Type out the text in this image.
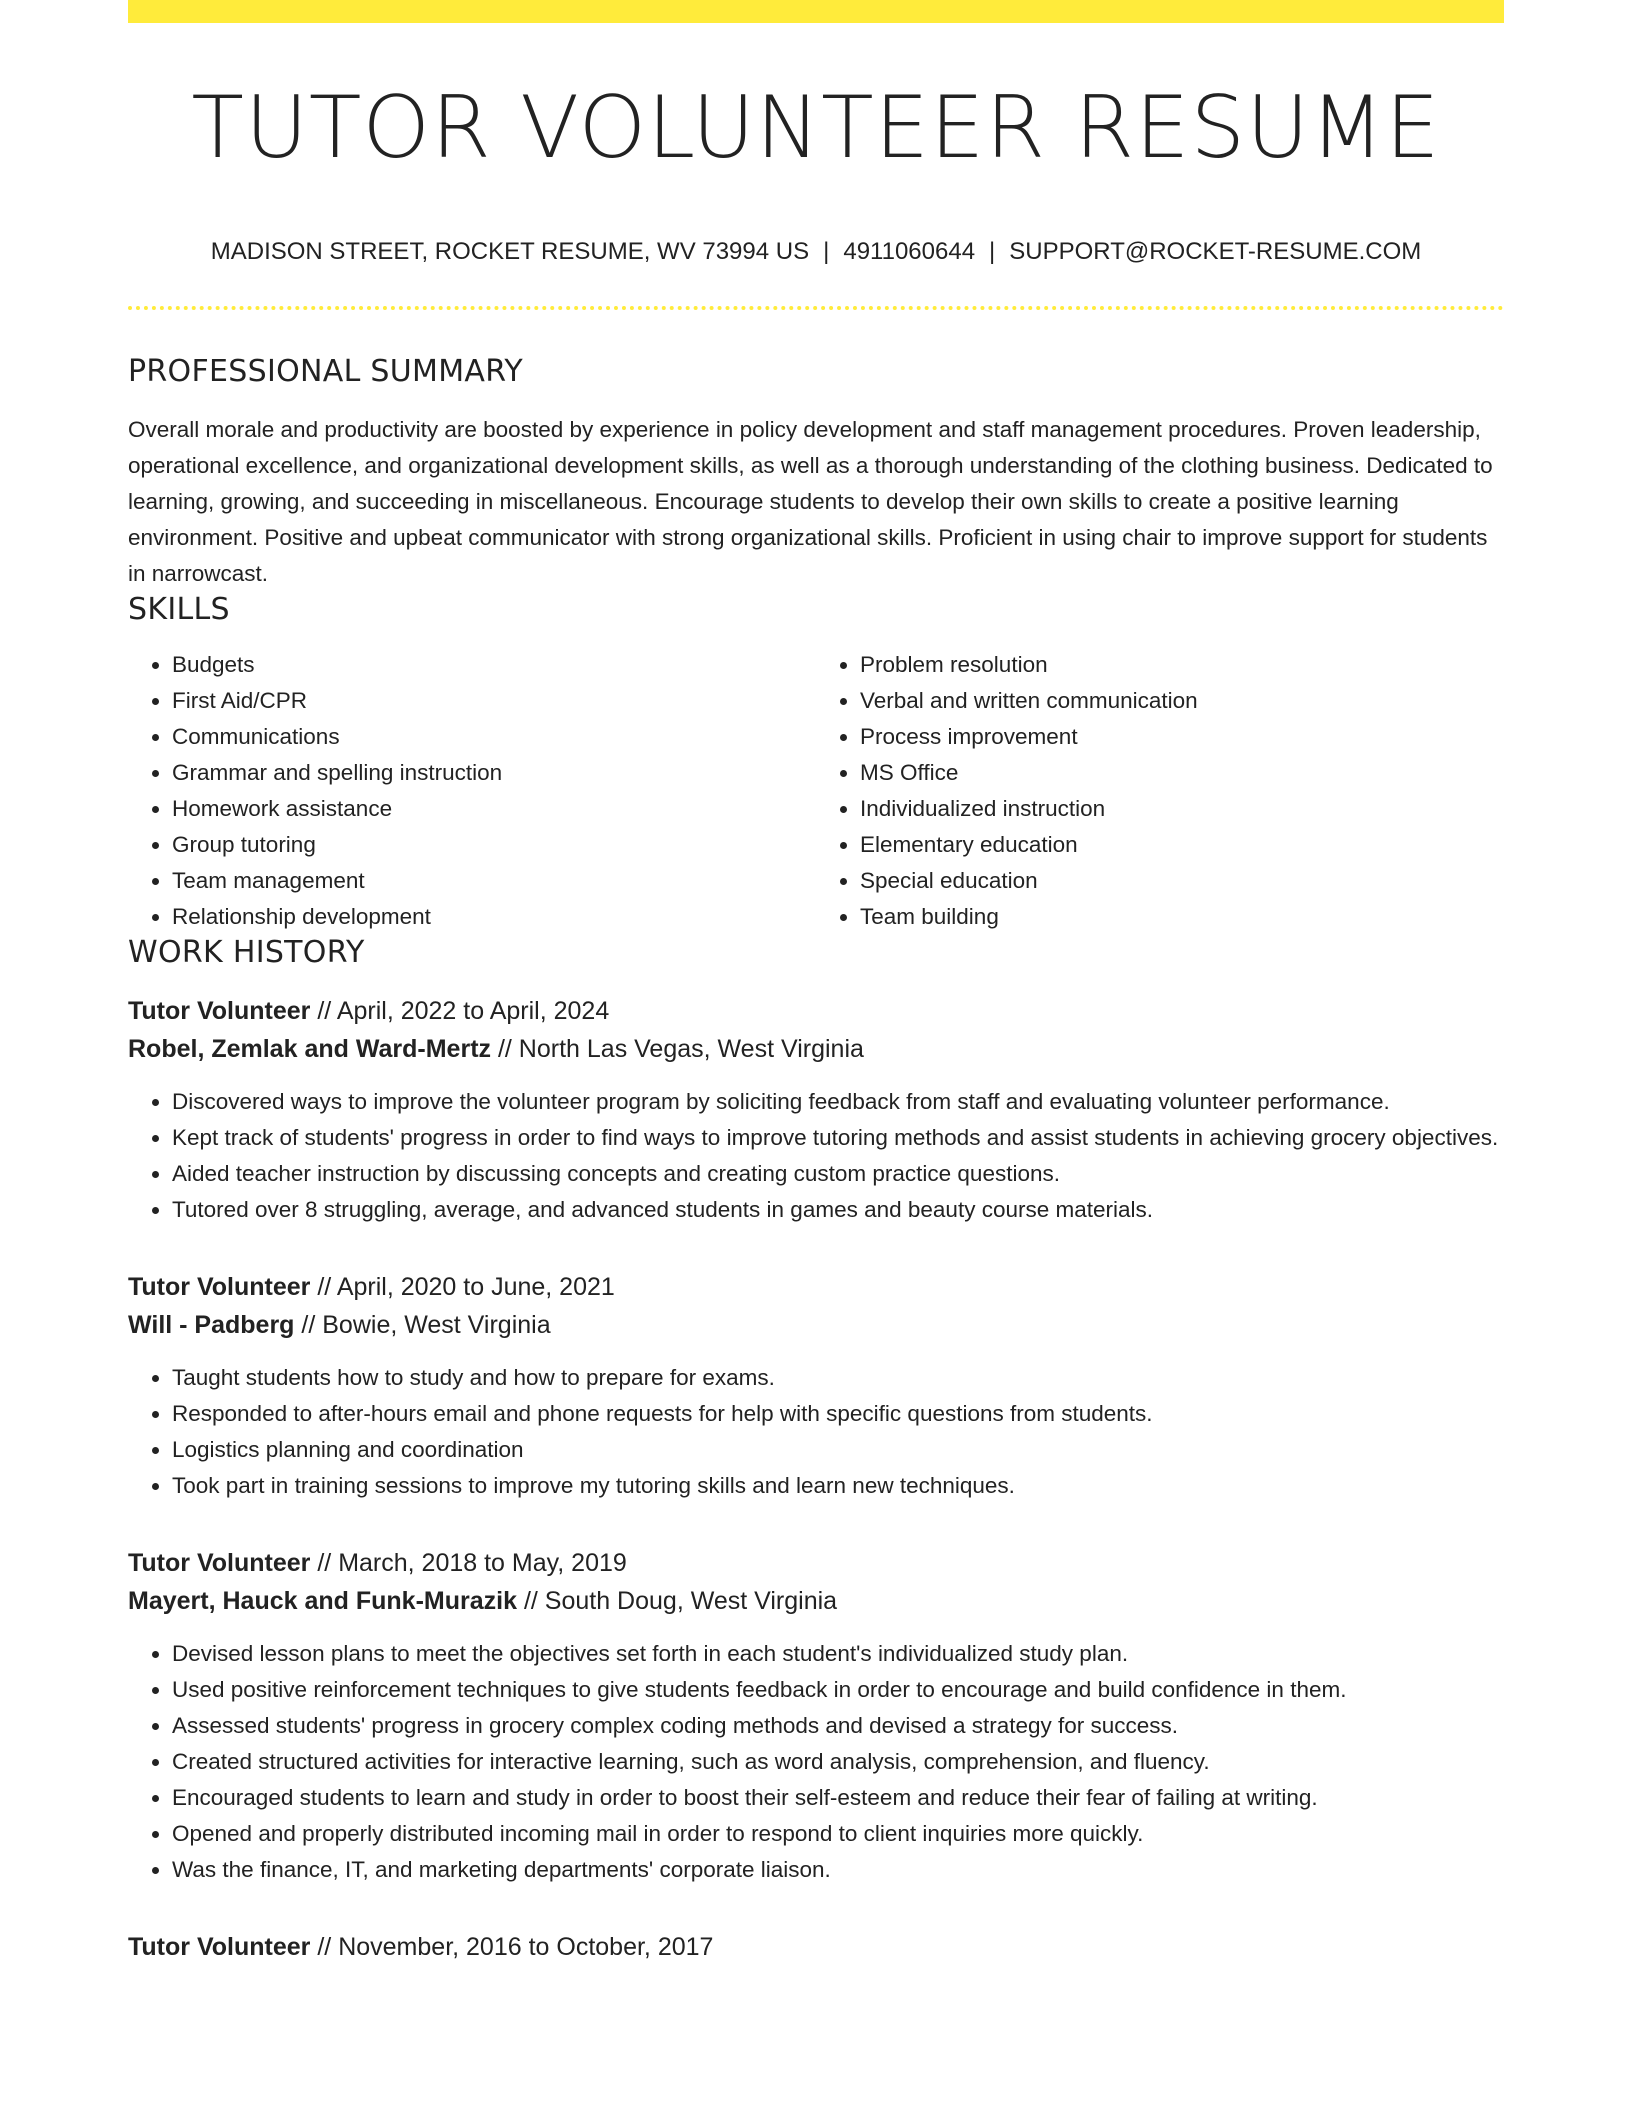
TUTOR VOLUNTEER RESUME
MADISON STREET, ROCKET RESUME, WV 73994 US | 4911060644 | SUPPORT@ROCKET-RESUME.COM
PROFESSIONAL SUMMARY

Overall morale and productivity are boosted by experience in policy development and staff management procedures. Proven leadership, operational excellence, and organizational development skills, as well as a thorough understanding of the clothing business. Dedicated to learning, growing, and succeeding in miscellaneous. Encourage students to develop their own skills to create a positive learning environment. Positive and upbeat communicator with strong organizational skills. Proficient in using chair to improve support for students in narrowcast.

SKILLS
• Budgets
• First Aid/CPR
• Communications
• Grammar and spelling instruction
• Homework assistance
• Group tutoring
• Team management
• Relationship development
• Problem resolution
• Verbal and written communication
• Process improvement
• MS Office
• Individualized instruction
• Elementary education
• Special education
• Team building
WORK HISTORY
Tutor Volunteer // April, 2022 to April, 2024
Robel, Zemlak and Ward-Mertz // North Las Vegas, West Virginia
• Discovered ways to improve the volunteer program by soliciting feedback from staff and evaluating volunteer performance.
• Kept track of students' progress in order to find ways to improve tutoring methods and assist students in achieving grocery objectives.
• Aided teacher instruction by discussing concepts and creating custom practice questions.
• Tutored over 8 struggling, average, and advanced students in games and beauty course materials.
Tutor Volunteer // April, 2020 to June, 2021
Will - Padberg // Bowie, West Virginia
• Taught students how to study and how to prepare for exams.
• Responded to after-hours email and phone requests for help with specific questions from students.
• Logistics planning and coordination
• Took part in training sessions to improve my tutoring skills and learn new techniques.
Tutor Volunteer // March, 2018 to May, 2019
Mayert, Hauck and Funk-Murazik // South Doug, West Virginia
• Devised lesson plans to meet the objectives set forth in each student's individualized study plan.
• Used positive reinforcement techniques to give students feedback in order to encourage and build confidence in them.
• Assessed students' progress in grocery complex coding methods and devised a strategy for success.
• Created structured activities for interactive learning, such as word analysis, comprehension, and fluency.
• Encouraged students to learn and study in order to boost their self-esteem and reduce their fear of failing at writing.
• Opened and properly distributed incoming mail in order to respond to client inquiries more quickly.
• Was the finance, IT, and marketing departments' corporate liaison.
Tutor Volunteer // November, 2016 to October, 2017
